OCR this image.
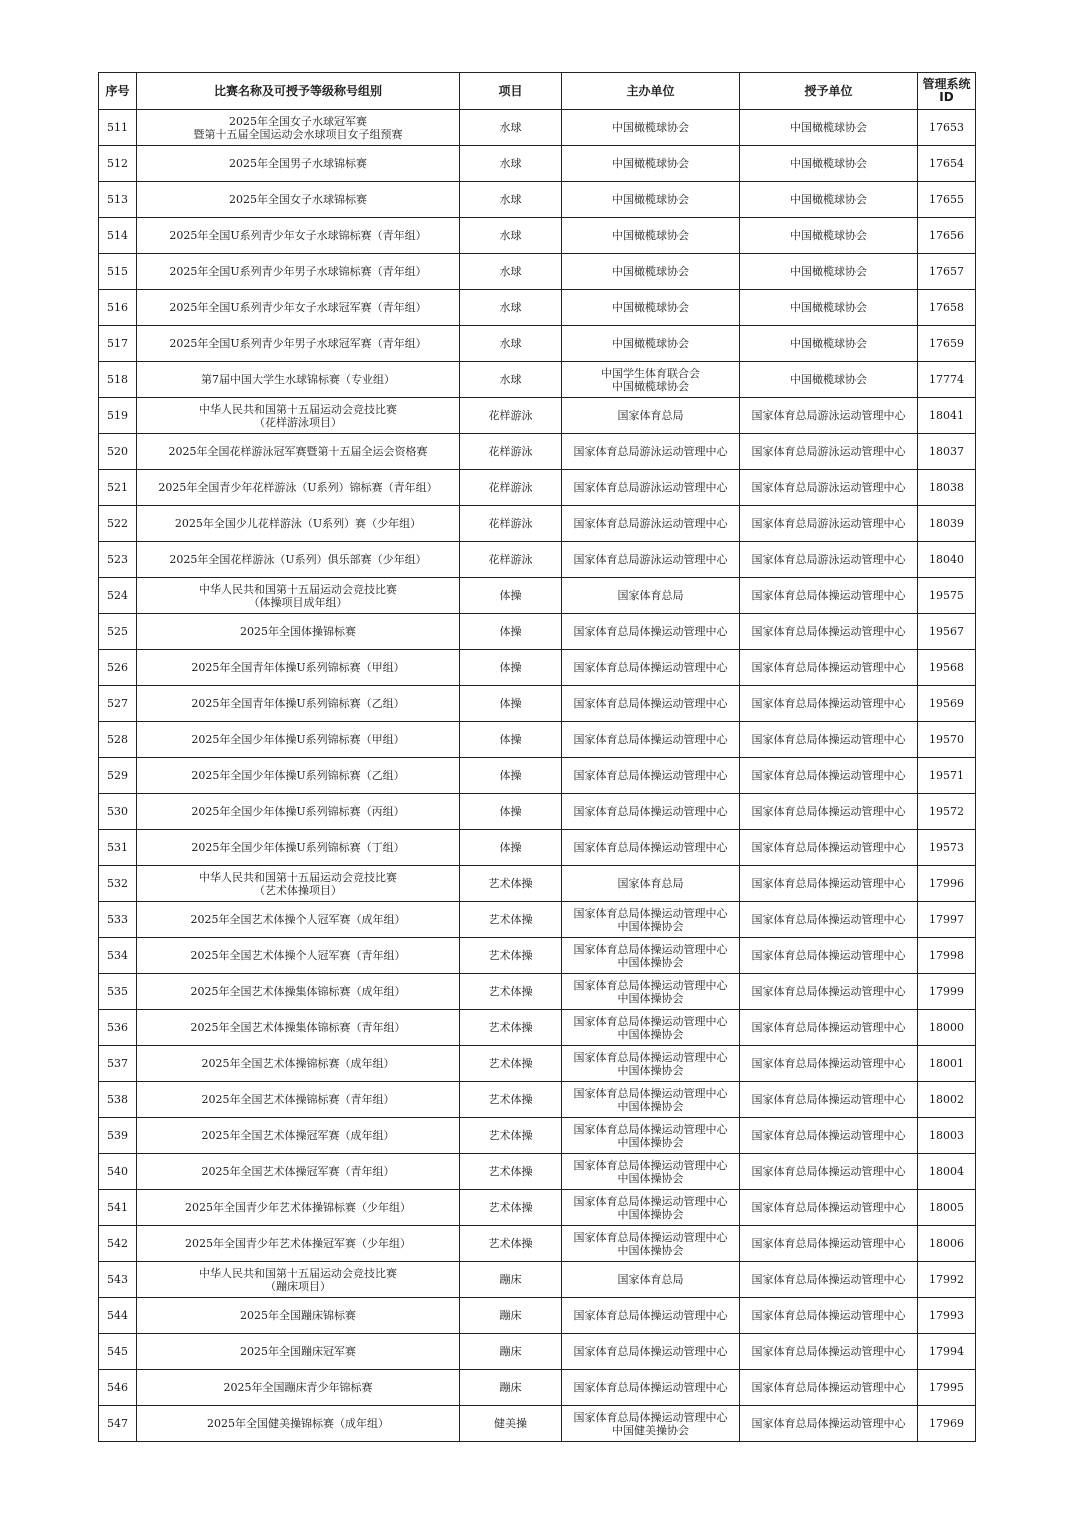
序号	比赛名称及可授予等级称号组别	项目	主办单位	授予单位	管理系统ID
511	2025年全国女子水球冠军赛
暨第十五届全国运动会水球项目女子组预赛	水球	中国橄榄球协会	中国橄榄球协会	17653
512	2025年全国男子水球锦标赛	水球	中国橄榄球协会	中国橄榄球协会	17654
513	2025年全国女子水球锦标赛	水球	中国橄榄球协会	中国橄榄球协会	17655
514	2025年全国U系列青少年女子水球锦标赛（青年组）	水球	中国橄榄球协会	中国橄榄球协会	17656
515	2025年全国U系列青少年男子水球锦标赛（青年组）	水球	中国橄榄球协会	中国橄榄球协会	17657
516	2025年全国U系列青少年女子水球冠军赛（青年组）	水球	中国橄榄球协会	中国橄榄球协会	17658
517	2025年全国U系列青少年男子水球冠军赛（青年组）	水球	中国橄榄球协会	中国橄榄球协会	17659
518	第7届中国大学生水球锦标赛（专业组）	水球	中国学生体育联合会
中国橄榄球协会	中国橄榄球协会	17774
519	中华人民共和国第十五届运动会竞技比赛
（花样游泳项目）	花样游泳	国家体育总局	国家体育总局游泳运动管理中心	18041
520	2025年全国花样游泳冠军赛暨第十五届全运会资格赛	花样游泳	国家体育总局游泳运动管理中心	国家体育总局游泳运动管理中心	18037
521	2025年全国青少年花样游泳（U系列）锦标赛（青年组）	花样游泳	国家体育总局游泳运动管理中心	国家体育总局游泳运动管理中心	18038
522	2025年全国少儿花样游泳（U系列）赛（少年组）	花样游泳	国家体育总局游泳运动管理中心	国家体育总局游泳运动管理中心	18039
523	2025年全国花样游泳（U系列）俱乐部赛（少年组）	花样游泳	国家体育总局游泳运动管理中心	国家体育总局游泳运动管理中心	18040
524	中华人民共和国第十五届运动会竞技比赛
（体操项目成年组）	体操	国家体育总局	国家体育总局体操运动管理中心	19575
525	2025年全国体操锦标赛	体操	国家体育总局体操运动管理中心	国家体育总局体操运动管理中心	19567
526	2025年全国青年体操U系列锦标赛（甲组）	体操	国家体育总局体操运动管理中心	国家体育总局体操运动管理中心	19568
527	2025年全国青年体操U系列锦标赛（乙组）	体操	国家体育总局体操运动管理中心	国家体育总局体操运动管理中心	19569
528	2025年全国少年体操U系列锦标赛（甲组）	体操	国家体育总局体操运动管理中心	国家体育总局体操运动管理中心	19570
529	2025年全国少年体操U系列锦标赛（乙组）	体操	国家体育总局体操运动管理中心	国家体育总局体操运动管理中心	19571
530	2025年全国少年体操U系列锦标赛（丙组）	体操	国家体育总局体操运动管理中心	国家体育总局体操运动管理中心	19572
531	2025年全国少年体操U系列锦标赛（丁组）	体操	国家体育总局体操运动管理中心	国家体育总局体操运动管理中心	19573
532	中华人民共和国第十五届运动会竞技比赛
（艺术体操项目）	艺术体操	国家体育总局	国家体育总局体操运动管理中心	17996
533	2025年全国艺术体操个人冠军赛（成年组）	艺术体操	国家体育总局体操运动管理中心
中国体操协会	国家体育总局体操运动管理中心	17997
534	2025年全国艺术体操个人冠军赛（青年组）	艺术体操	国家体育总局体操运动管理中心
中国体操协会	国家体育总局体操运动管理中心	17998
535	2025年全国艺术体操集体锦标赛（成年组）	艺术体操	国家体育总局体操运动管理中心
中国体操协会	国家体育总局体操运动管理中心	17999
536	2025年全国艺术体操集体锦标赛（青年组）	艺术体操	国家体育总局体操运动管理中心
中国体操协会	国家体育总局体操运动管理中心	18000
537	2025年全国艺术体操锦标赛（成年组）	艺术体操	国家体育总局体操运动管理中心
中国体操协会	国家体育总局体操运动管理中心	18001
538	2025年全国艺术体操锦标赛（青年组）	艺术体操	国家体育总局体操运动管理中心
中国体操协会	国家体育总局体操运动管理中心	18002
539	2025年全国艺术体操冠军赛（成年组）	艺术体操	国家体育总局体操运动管理中心
中国体操协会	国家体育总局体操运动管理中心	18003
540	2025年全国艺术体操冠军赛（青年组）	艺术体操	国家体育总局体操运动管理中心
中国体操协会	国家体育总局体操运动管理中心	18004
541	2025年全国青少年艺术体操锦标赛（少年组）	艺术体操	国家体育总局体操运动管理中心
中国体操协会	国家体育总局体操运动管理中心	18005
542	2025年全国青少年艺术体操冠军赛（少年组）	艺术体操	国家体育总局体操运动管理中心
中国体操协会	国家体育总局体操运动管理中心	18006
543	中华人民共和国第十五届运动会竞技比赛
（蹦床项目）	蹦床	国家体育总局	国家体育总局体操运动管理中心	17992
544	2025年全国蹦床锦标赛	蹦床	国家体育总局体操运动管理中心	国家体育总局体操运动管理中心	17993
545	2025年全国蹦床冠军赛	蹦床	国家体育总局体操运动管理中心	国家体育总局体操运动管理中心	17994
546	2025年全国蹦床青少年锦标赛	蹦床	国家体育总局体操运动管理中心	国家体育总局体操运动管理中心	17995
547	2025年全国健美操锦标赛（成年组）	健美操	国家体育总局体操运动管理中心
中国健美操协会	国家体育总局体操运动管理中心	17969
